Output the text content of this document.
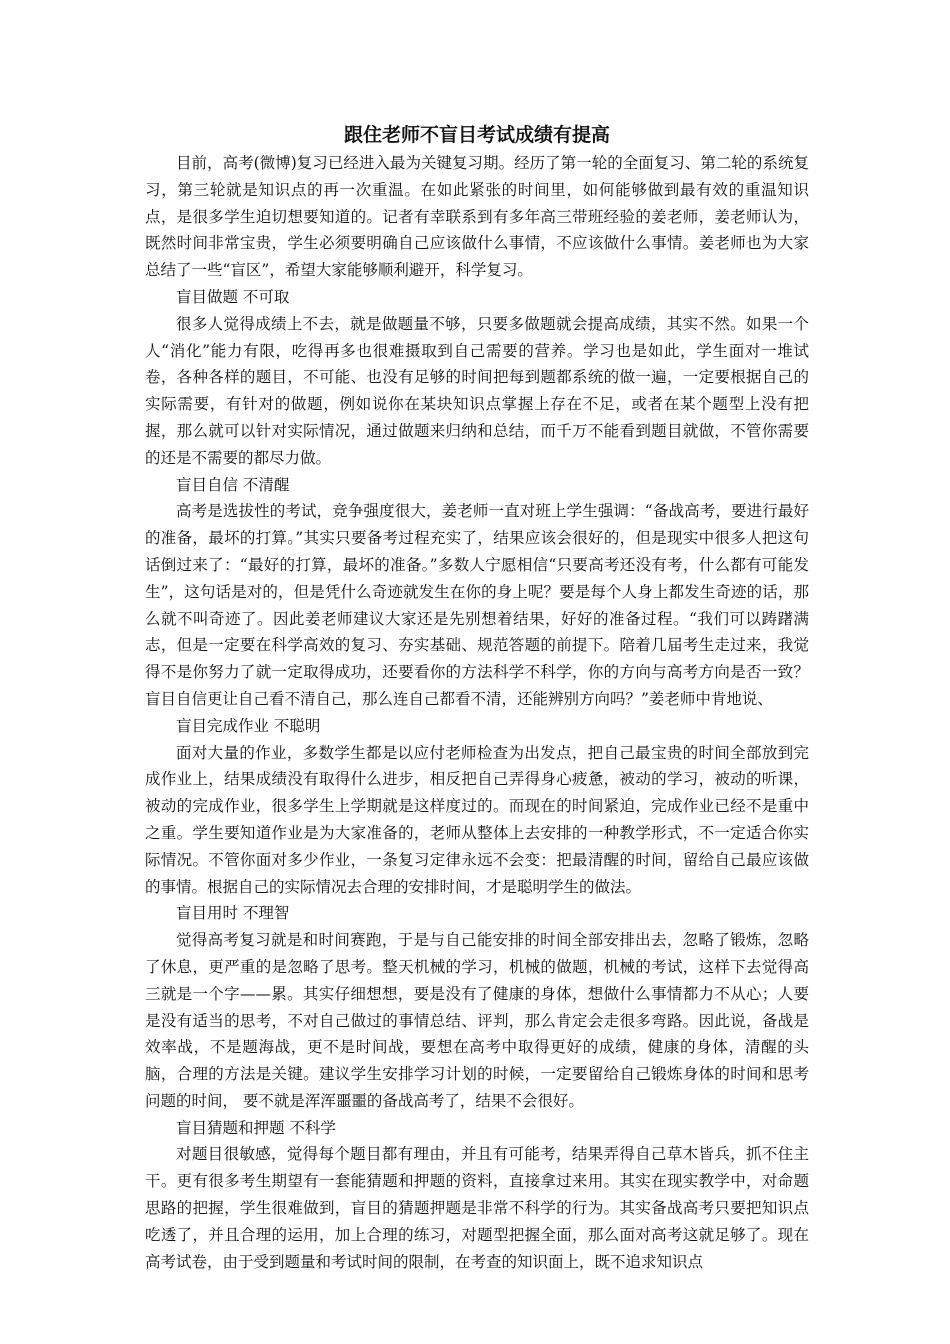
跟住老师不盲目考试成绩有提高

目前，高考(微博)复习已经进入最为关键复习期。经历了第一轮的全面复习、第二轮的系统复习，第三轮就是知识点的再一次重温。在如此紧张的时间里，如何能够做到最有效的重温知识点，是很多学生迫切想要知道的。记者有幸联系到有多年高三带班经验的姜老师，姜老师认为，既然时间非常宝贵，学生必须要明确自己应该做什么事情，不应该做什么事情。姜老师也为大家总结了一些“盲区”，希望大家能够顺利避开，科学复习。

盲目做题 不可取

很多人觉得成绩上不去，就是做题量不够，只要多做题就会提高成绩，其实不然。如果一个人“消化”能力有限，吃得再多也很难摄取到自己需要的营养。学习也是如此，学生面对一堆试卷，各种各样的题目，不可能、也没有足够的时间把每到题都系统的做一遍，一定要根据自己的实际需要，有针对的做题，例如说你在某块知识点掌握上存在不足，或者在某个题型上没有把握，那么就可以针对实际情况，通过做题来归纳和总结，而千万不能看到题目就做，不管你需要的还是不需要的都尽力做。

盲目自信 不清醒

高考是选拔性的考试，竞争强度很大，姜老师一直对班上学生强调：“备战高考，要进行最好的准备，最坏的打算。”其实只要备考过程充实了，结果应该会很好的，但是现实中很多人把这句话倒过来了：“最好的打算，最坏的准备。”多数人宁愿相信“只要高考还没有考，什么都有可能发生”，这句话是对的，但是凭什么奇迹就发生在你的身上呢？要是每个人身上都发生奇迹的话，那么就不叫奇迹了。因此姜老师建议大家还是先别想着结果，好好的准备过程。“我们可以踌躇满志，但是一定要在科学高效的复习、夯实基础、规范答题的前提下。陪着几届考生走过来，我觉得不是你努力了就一定取得成功，还要看你的方法科学不科学，你的方向与高考方向是否一致？盲目自信更让自己看不清自己，那么连自己都看不清，还能辨别方向吗？”姜老师中肯地说、

盲目完成作业 不聪明

面对大量的作业，多数学生都是以应付老师检查为出发点，把自己最宝贵的时间全部放到完成作业上，结果成绩没有取得什么进步，相反把自己弄得身心疲惫，被动的学习，被动的听课，被动的完成作业，很多学生上学期就是这样度过的。而现在的时间紧迫，完成作业已经不是重中之重。学生要知道作业是为大家准备的，老师从整体上去安排的一种教学形式，不一定适合你实际情况。不管你面对多少作业，一条复习定律永远不会变：把最清醒的时间，留给自己最应该做的事情。根据自己的实际情况去合理的安排时间，才是聪明学生的做法。

盲目用时 不理智

觉得高考复习就是和时间赛跑，于是与自己能安排的时间全部安排出去，忽略了锻炼，忽略了休息，更严重的是忽略了思考。整天机械的学习，机械的做题，机械的考试，这样下去觉得高三就是一个字——累。其实仔细想想，要是没有了健康的身体，想做什么事情都力不从心；人要是没有适当的思考，不对自己做过的事情总结、评判，那么肯定会走很多弯路。因此说，备战是效率战，不是题海战，更不是时间战，要想在高考中取得更好的成绩，健康的身体，清醒的头脑，合理的方法是关键。建议学生安排学习计划的时候，一定要留给自己锻炼身体的时间和思考问题的时间， 要不就是浑浑噩噩的备战高考了，结果不会很好。

盲目猜题和押题 不科学

对题目很敏感，觉得每个题目都有理由，并且有可能考，结果弄得自己草木皆兵，抓不住主干。更有很多考生期望有一套能猜题和押题的资料，直接拿过来用。其实在现实教学中，对命题思路的把握，学生很难做到，盲目的猜题押题是非常不科学的行为。其实备战高考只要把知识点吃透了，并且合理的运用，加上合理的练习，对题型把握全面，那么面对高考这就足够了。现在高考试卷，由于受到题量和考试时间的限制，在考查的知识面上，既不追求知识点
